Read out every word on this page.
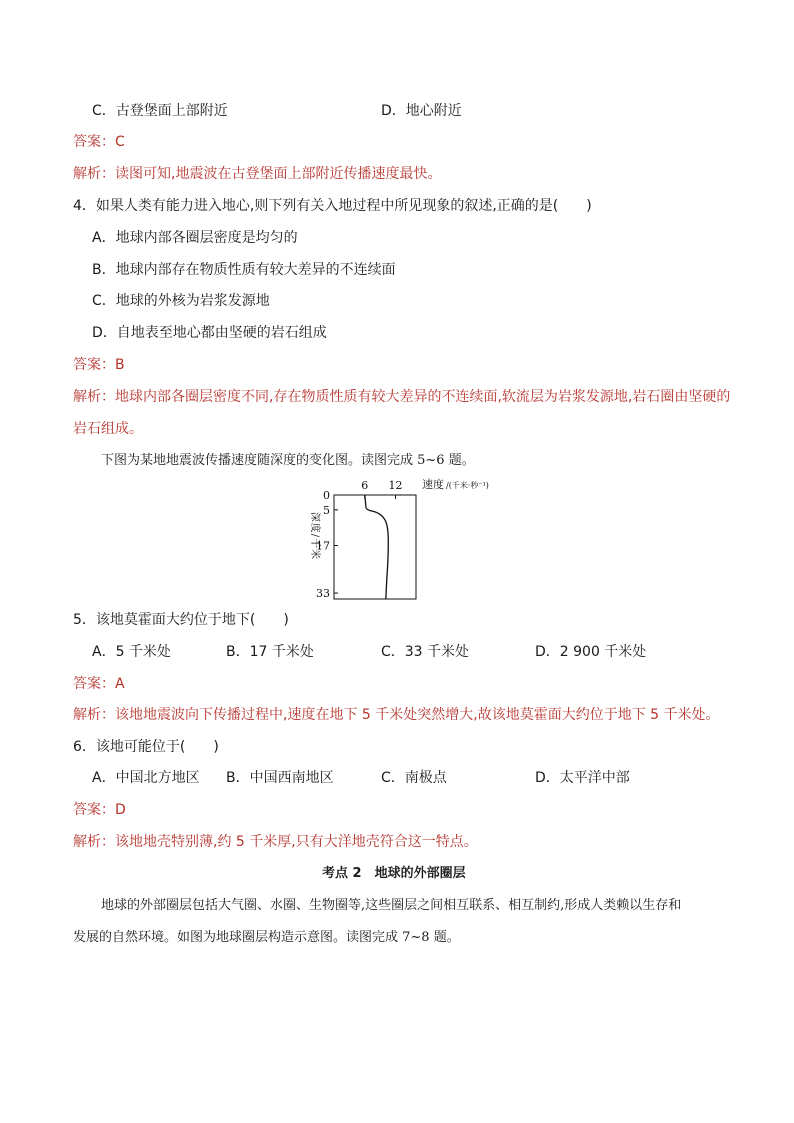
C．古登堡面上部附近	D．地心附近
答案：C
解析：读图可知,地震波在古登堡面上部附近传播速度最快。
4．如果人类有能力进入地心,则下列有关入地过程中所见现象的叙述,正确的是(　　)
A．地球内部各圈层密度是均匀的
B．地球内部存在物质性质有较大差异的不连续面
C．地球的外核为岩浆发源地
D．自地表至地心都由坚硬的岩石组成
答案：B
解析：地球内部各圈层密度不同,存在物质性质有较大差异的不连续面,软流层为岩浆发源地,岩石圈由坚硬的
岩石组成。
下图为某地地震波传播速度随深度的变化图。读图完成 5~6 题。
6 12
0
5
17
33
速度 /(千米·秒⁻¹)
深度/千米
5．该地莫霍面大约位于地下(　　)
A．5 千米处	B．17 千米处	C．33 千米处	D．2 900 千米处
答案：A
解析：该地地震波向下传播过程中,速度在地下 5 千米处突然增大,故该地莫霍面大约位于地下 5 千米处。
6．该地可能位于(　　)
A．中国北方地区 B．中国西南地区	C．南极点	D．太平洋中部
答案：D
解析：该地地壳特别薄,约 5 千米厚,只有大洋地壳符合这一特点。
考点 2　地球的外部圈层
地球的外部圈层包括大气圈、水圈、生物圈等,这些圈层之间相互联系、相互制约,形成人类赖以生存和
发展的自然环境。如图为地球圈层构造示意图。读图完成 7~8 题。
